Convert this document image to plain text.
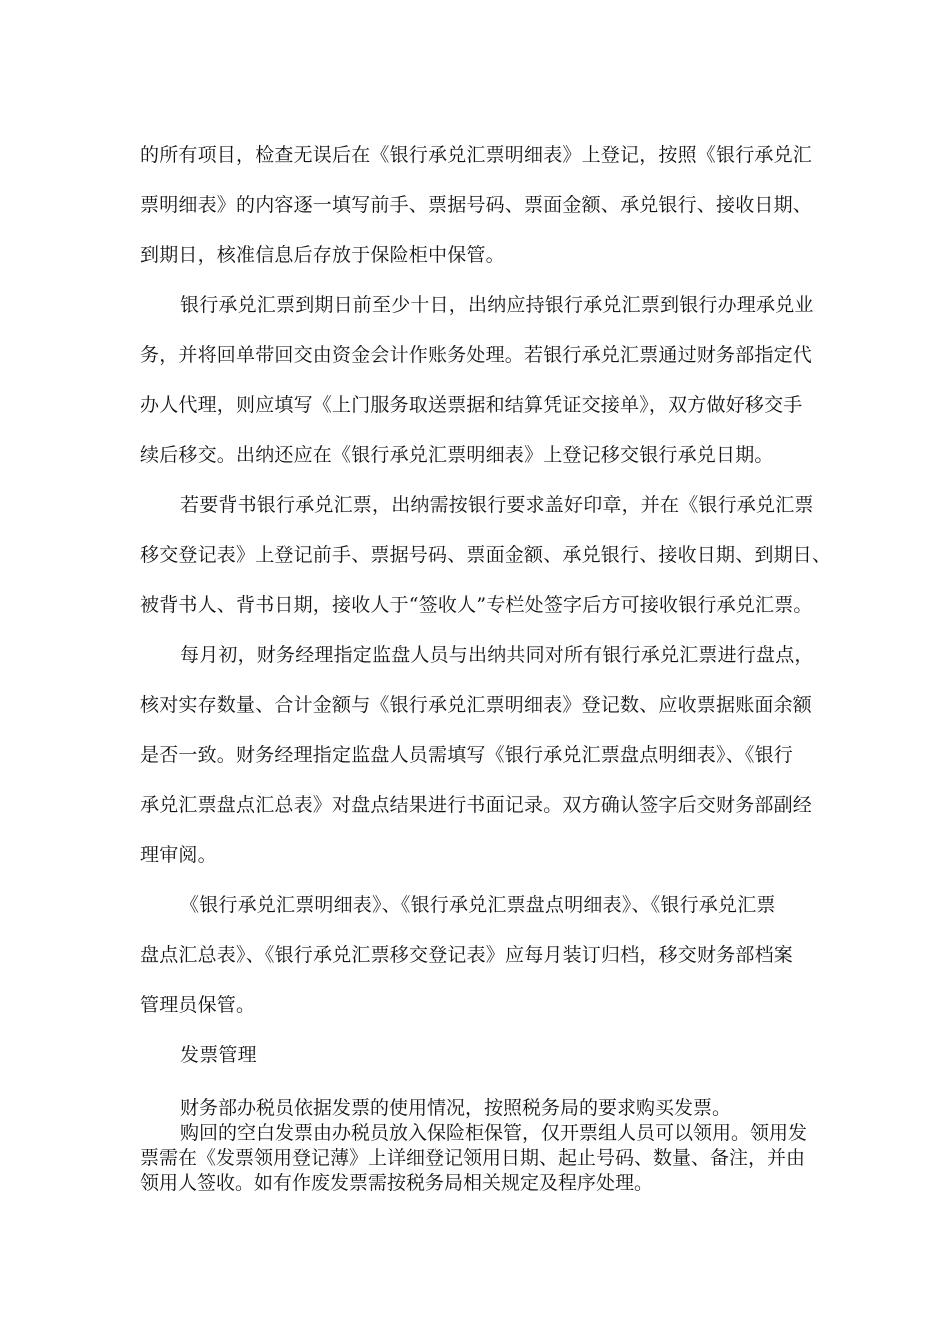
的所有项目，检查无误后在《银行承兑汇票明细表》上登记，按照《银行承兑汇
票明细表》的内容逐一填写前手、票据号码、票面金额、承兑银行、接收日期、
到期日，核准信息后存放于保险柜中保管。

银行承兑汇票到期日前至少十日，出纳应持银行承兑汇票到银行办理承兑业
务，并将回单带回交由资金会计作账务处理。若银行承兑汇票通过财务部指定代
办人代理，则应填写《上门服务取送票据和结算凭证交接单》，双方做好移交手
续后移交。出纳还应在《银行承兑汇票明细表》上登记移交银行承兑日期。

若要背书银行承兑汇票，出纳需按银行要求盖好印章，并在《银行承兑汇票
移交登记表》上登记前手、票据号码、票面金额、承兑银行、接收日期、到期日、
被背书人、背书日期，接收人于“签收人”专栏处签字后方可接收银行承兑汇票。

每月初，财务经理指定监盘人员与出纳共同对所有银行承兑汇票进行盘点，
核对实存数量、合计金额与《银行承兑汇票明细表》登记数、应收票据账面余额
是否一致。财务经理指定监盘人员需填写《银行承兑汇票盘点明细表》、《银行
承兑汇票盘点汇总表》对盘点结果进行书面记录。双方确认签字后交财务部副经
理审阅。

《银行承兑汇票明细表》、《银行承兑汇票盘点明细表》、《银行承兑汇票
盘点汇总表》、《银行承兑汇票移交登记表》应每月装订归档，移交财务部档案
管理员保管。

发票管理

财务部办税员依据发票的使用情况，按照税务局的要求购买发票。

购回的空白发票由办税员放入保险柜保管，仅开票组人员可以领用。领用发 票需在《发票领用登记薄》上详细登记领用日期、起止号码、数量、备注，并由 领用人签收。如有作废发票需按税务局相关规定及程序处理。
